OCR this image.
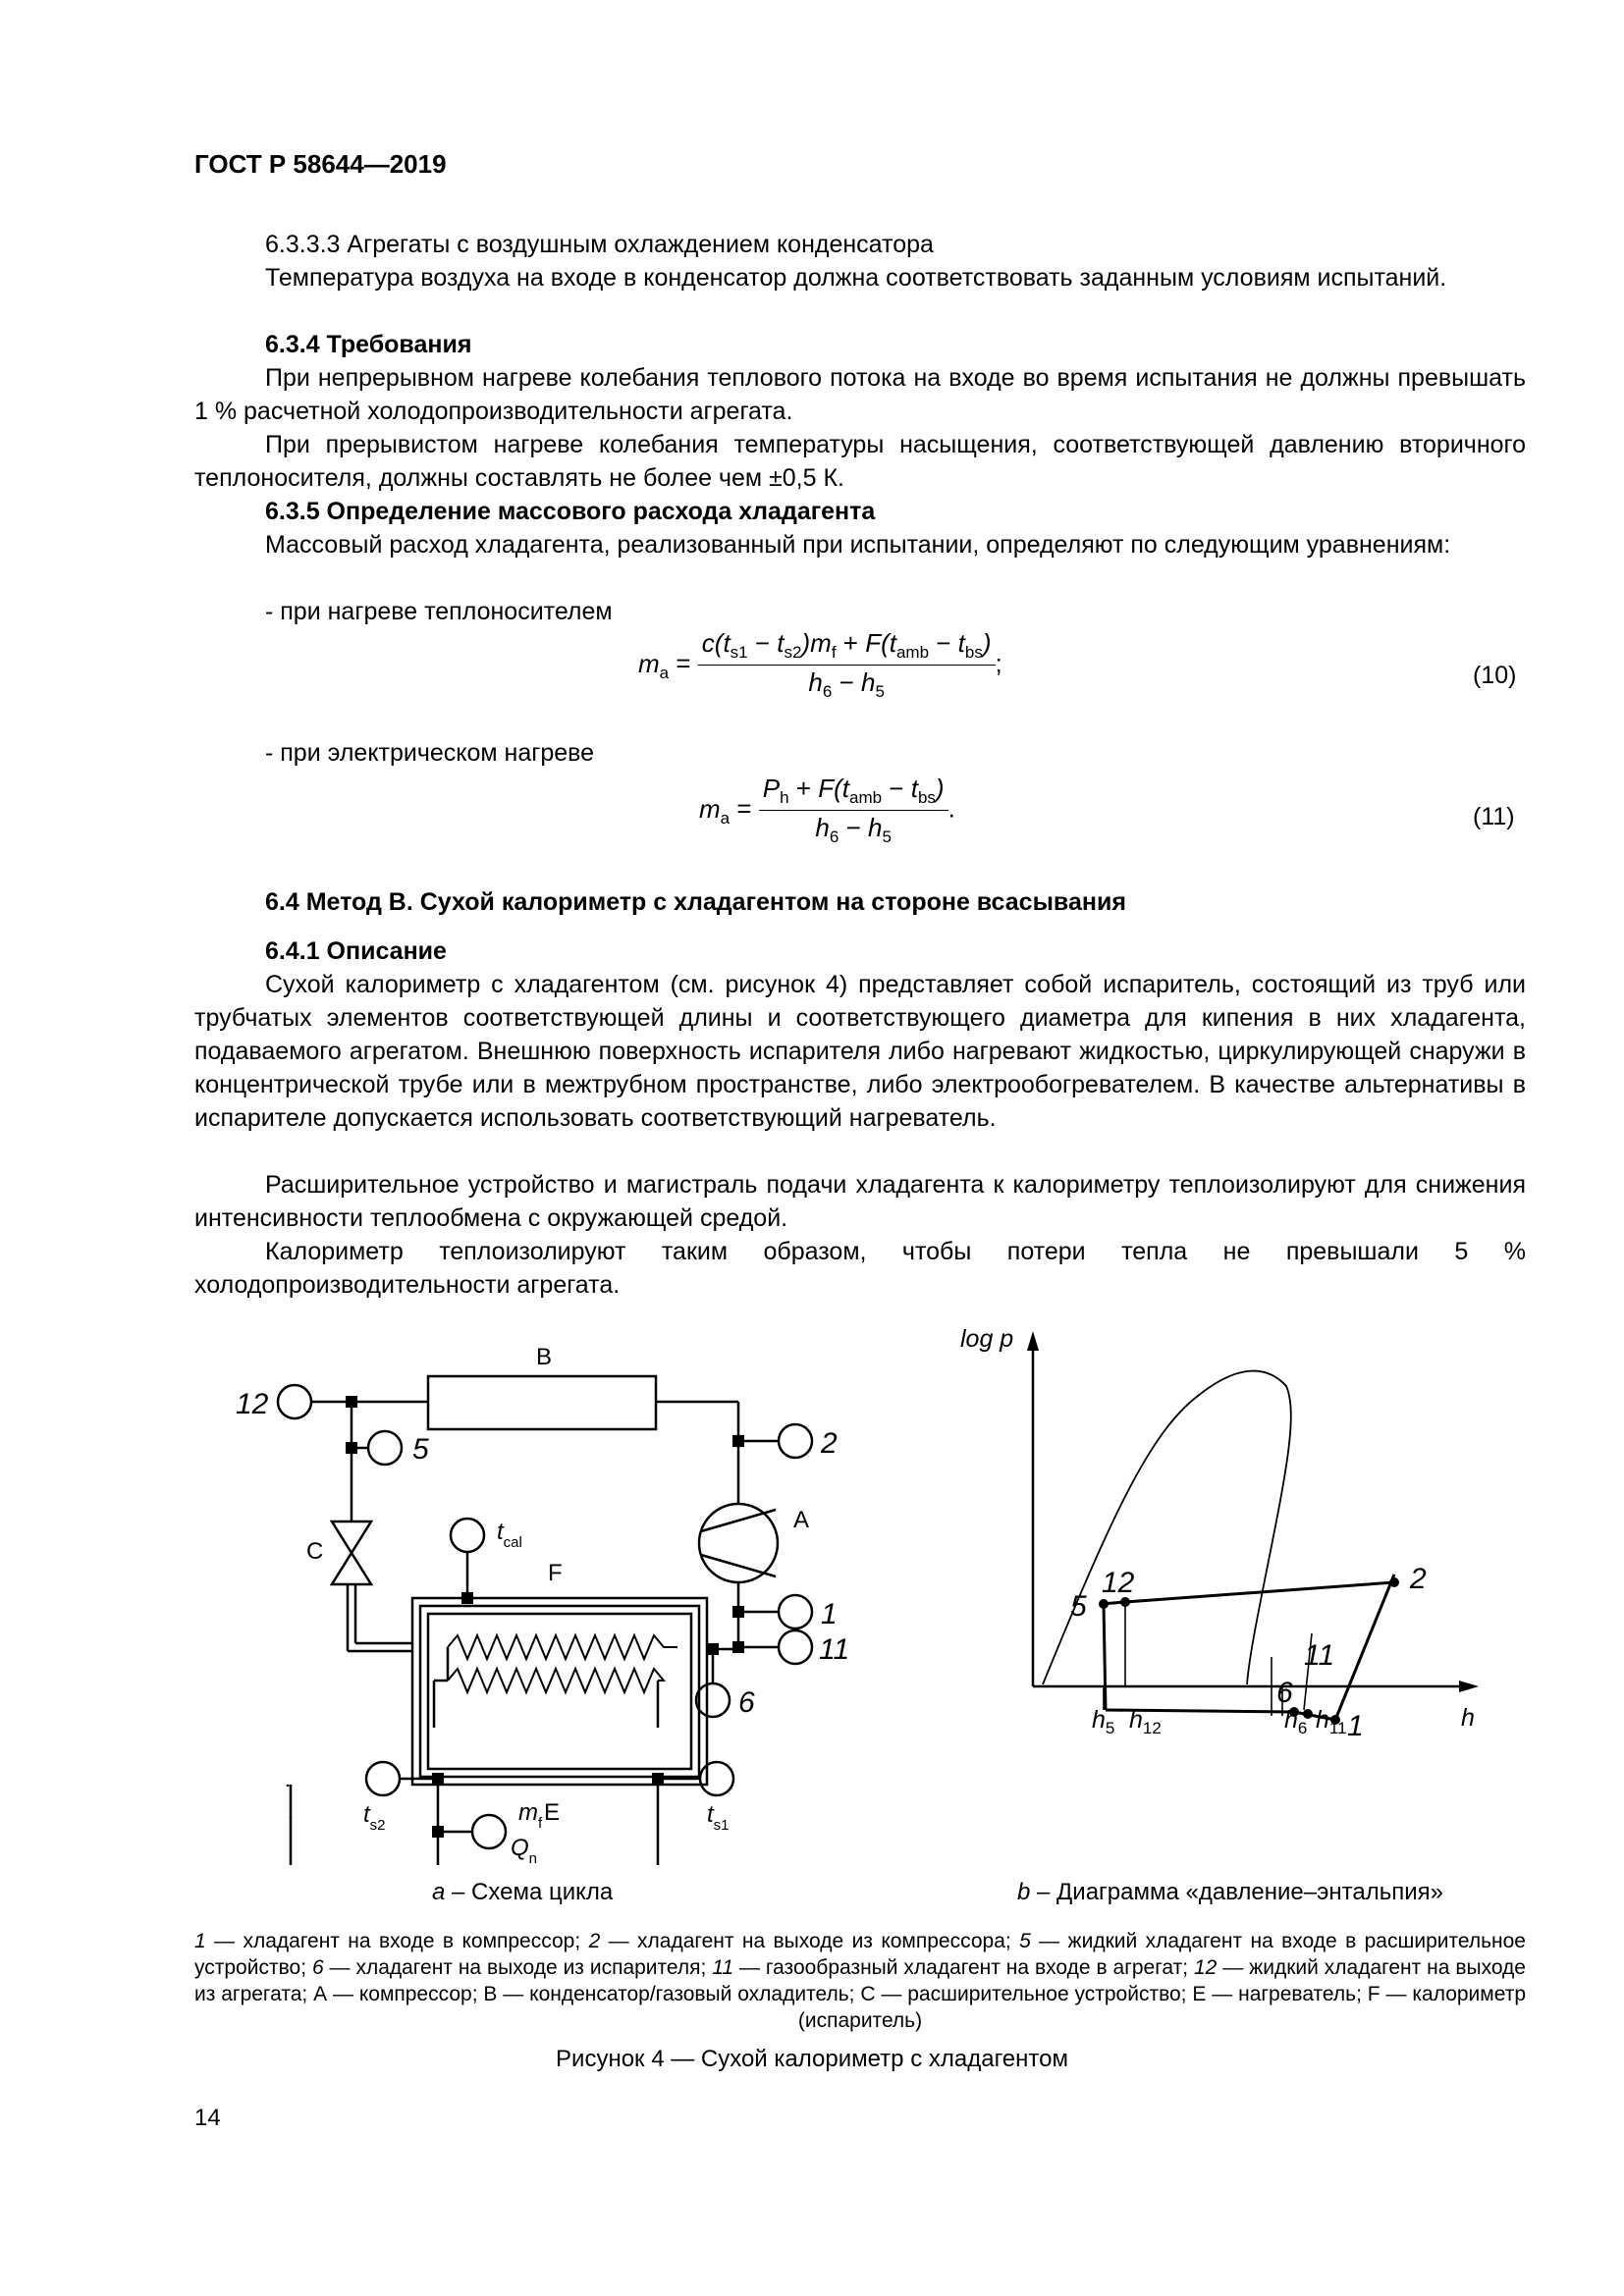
ГОСТ Р 58644—2019

6.3.3.3 Агрегаты с воздушным охлаждением конденсатора

Температура воздуха на входе в конденсатор должна соответствовать заданным условиям испытаний.

6.3.4 Требования

При непрерывном нагреве колебания теплового потока на входе во время испытания не должны превышать 1 % расчетной холодопроизводительности агрегата.

При прерывистом нагреве колебания температуры насыщения, соответствующей давлению вторичного теплоносителя, должны составлять не более чем ±0,5 К.

6.3.5 Определение массового расхода хладагента

Массовый расход хладагента, реализованный при испытании, определяют по следующим уравнениям:

- при нагреве теплоносителем

$m_a = \frac{c(t_{s1} - t_{s2})m_f + F(t_{amb} - t_{bs})}{h_6 - h_5}$ ;	(10)

- при электрическом нагреве

$m_a = \frac{P_h + F(t_{amb} - t_{bs})}{h_6 - h_5}$ .	(11)

6.4 Метод В. Сухой калориметр с хладагентом на стороне всасывания

6.4.1 Описание

Сухой калориметр с хладагентом (см. рисунок 4) представляет собой испаритель, состоящий из труб или трубчатых элементов соответствующей длины и соответствующего диаметра для кипения в них хладагента, подаваемого агрегатом. Внешнюю поверхность испарителя либо нагревают жидкостью, циркулирующей снаружи в концентрической трубе или в межтрубном пространстве, либо электрообогревателем. В качестве альтернативы в испарителе допускается использовать соответствующий нагреватель.

Расширительное устройство и магистраль подачи хладагента к калориметру теплоизолируют для снижения интенсивности теплообмена с окружающей средой.

Калориметр теплоизолируют таким образом, чтобы потери тепла не превышали 5 % холодопроизводительности агрегата.

B
A
C
F
E
12
5	2
1
11
6
$t_{cal}$
$t_{s2}$	$t_{s1}$
$m_f$
$Q_n$
log p
h
5
12	2
6
11
1
$h_5$ $h_{12}$	$h_6$ $h_{11}$
а – Схема цикла	b – Диаграмма «давление–энтальпия»
1 — хладагент на входе в компрессор; 2 — хладагент на выходе из компрессора; 5 — жидкий хладагент на входе в расширительное устройство; 6 — хладагент на выходе из испарителя; 11 — газообразный хладагент на входе в агрегат; 12 — жидкий хладагент на выходе из агрегата; А — компрессор; В — конденсатор/газовый охладитель; С — расширительное устройство; Е — нагреватель; F — калориметр (испаритель)
Рисунок 4 — Сухой калориметр с хладагентом
14
